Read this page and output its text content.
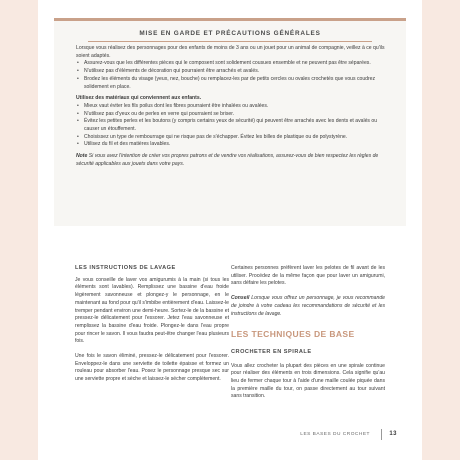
MISE EN GARDE ET PRÉCAUTIONS GÉNÉRALES

Lorsque vous réalisez des personnages pour des enfants de moins de 3 ans ou un jouet pour un animal de compagnie, veillez à ce qu'ils soient adaptés.

• Assurez-vous que les différentes pièces qui le composent sont solidement cousues ensemble et ne peuvent pas être séparées.
• N'utilisez pas d'éléments de décoration qui pourraient être arrachés et avalés.
• Brodez les éléments du visage (yeux, nez, bouche) ou remplacez-les par de petits cercles ou ovales crochetés que vous coudrez solidement en place.

Utilisez des matériaux qui conviennent aux enfants.

• Mieux vaut éviter les fils poilus dont les fibres pourraient être inhalées ou avalées.
• N'utilisez pas d'yeux ou de perles en verre qui pourraient se briser.
• Évitez les petites perles et les boutons (y compris certains yeux de sécurité) qui peuvent être arrachés avec les dents et avalés ou causer un étouffement.
• Choisissez un type de rembourrage qui ne risque pas de s'échapper. Évitez les billes de plastique ou de polystyrène.
• Utilisez du fil et des matières lavables.

Note Si vous avez l'intention de créer vos propres patrons et de vendre vos réalisations, assurez-vous de bien respectez les règles de sécurité applicables aux jouets dans votre pays.

LES INSTRUCTIONS DE LAVAGE

Je vous conseille de laver vos amigurumis à la main (si tous les éléments sont lavables). Remplissez une bassine d'eau froide légèrement savonneuse et plongez-y le personnage, en le maintenant au fond pour qu'il s'imbibe entièrement d'eau. Laissez-le tremper pendant environ une demi-heure. Sortez-le de la bassine et pressez-le délicatement pour l'essorer. Jetez l'eau savonneuse et remplissez la bassine d'eau froide. Plongez-le dans l'eau propre pour rincer le savon. Il vous faudra peut-être changer l'eau plusieurs fois.

Une fois le savon éliminé, pressez-le délicatement pour l'essorer. Enveloppez-le dans une serviette de toilette épaisse et formez un rouleau pour absorber l'eau. Posez le personnage presque sec sur une serviette propre et sèche et laissez-le sécher complètement.

Certaines personnes préfèrent laver les pelotes de fil avant de les utiliser. Procédez de la même façon que pour laver un amigurumi, sans défaire les pelotes.

Conseil Lorsque vous offrez un personnage, je vous recommande de joindre à votre cadeau les recommandations de sécurité et les instructions de lavage.

LES TECHNIQUES DE BASE
CROCHETER EN SPIRALE

Vous allez crocheter la plupart des pièces en une spirale continue pour réaliser des éléments en trois dimensions. Cela signifie qu'au lieu de fermer chaque tour à l'aide d'une maille coulée piquée dans la première maille du tour, on passe directement au tour suivant sans transition.

LES BASES DU CROCHET	13
